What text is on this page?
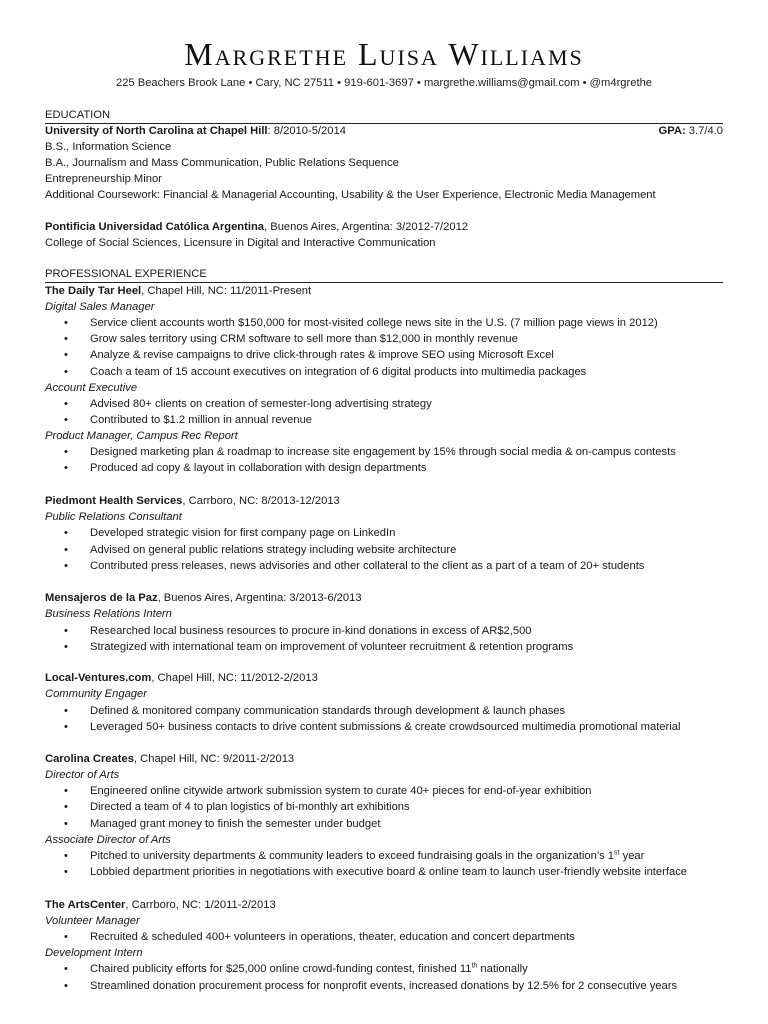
Margrethe Luisa Williams
225 Beachers Brook Lane • Cary, NC 27511 • 919-601-3697 • margrethe.williams@gmail.com • @m4rgrethe
EDUCATION
University of North Carolina at Chapel Hill: 8/2010-5/2014	GPA: 3.7/4.0
B.S., Information Science
B.A., Journalism and Mass Communication, Public Relations Sequence
Entrepreneurship Minor
Additional Coursework: Financial & Managerial Accounting, Usability & the User Experience, Electronic Media Management
Pontificia Universidad Católica Argentina, Buenos Aires, Argentina: 3/2012-7/2012
College of Social Sciences, Licensure in Digital and Interactive Communication
PROFESSIONAL EXPERIENCE
The Daily Tar Heel, Chapel Hill, NC: 11/2011-Present
Digital Sales Manager
• Service client accounts worth $150,000 for most-visited college news site in the U.S. (7 million page views in 2012)
• Grow sales territory using CRM software to sell more than $12,000 in monthly revenue
• Analyze & revise campaigns to drive click-through rates & improve SEO using Microsoft Excel
• Coach a team of 15 account executives on integration of 6 digital products into multimedia packages
Account Executive
• Advised 80+ clients on creation of semester-long advertising strategy
• Contributed to $1.2 million in annual revenue
Product Manager, Campus Rec Report
• Designed marketing plan & roadmap to increase site engagement by 15% through social media & on-campus contests
• Produced ad copy & layout in collaboration with design departments
Piedmont Health Services, Carrboro, NC: 8/2013-12/2013
Public Relations Consultant
• Developed strategic vision for first company page on LinkedIn
• Advised on general public relations strategy including website architecture
• Contributed press releases, news advisories and other collateral to the client as a part of a team of 20+ students
Mensajeros de la Paz, Buenos Aires, Argentina: 3/2013-6/2013
Business Relations Intern
• Researched local business resources to procure in-kind donations in excess of AR$2,500
• Strategized with international team on improvement of volunteer recruitment & retention programs
Local-Ventures.com, Chapel Hill, NC: 11/2012-2/2013
Community Engager
• Defined & monitored company communication standards through development & launch phases
• Leveraged 50+ business contacts to drive content submissions & create crowdsourced multimedia promotional material
Carolina Creates, Chapel Hill, NC: 9/2011-2/2013
Director of Arts
• Engineered online citywide artwork submission system to curate 40+ pieces for end-of-year exhibition
• Directed a team of 4 to plan logistics of bi-monthly art exhibitions
• Managed grant money to finish the semester under budget
Associate Director of Arts
• Pitched to university departments & community leaders to exceed fundraising goals in the organization’s 1st year
• Lobbied department priorities in negotiations with executive board & online team to launch user-friendly website interface
The ArtsCenter, Carrboro, NC: 1/2011-2/2013
Volunteer Manager
• Recruited & scheduled 400+ volunteers in operations, theater, education and concert departments
Development Intern
• Chaired publicity efforts for $25,000 online crowd-funding contest, finished 11th nationally
• Streamlined donation procurement process for nonprofit events, increased donations by 12.5% for 2 consecutive years
